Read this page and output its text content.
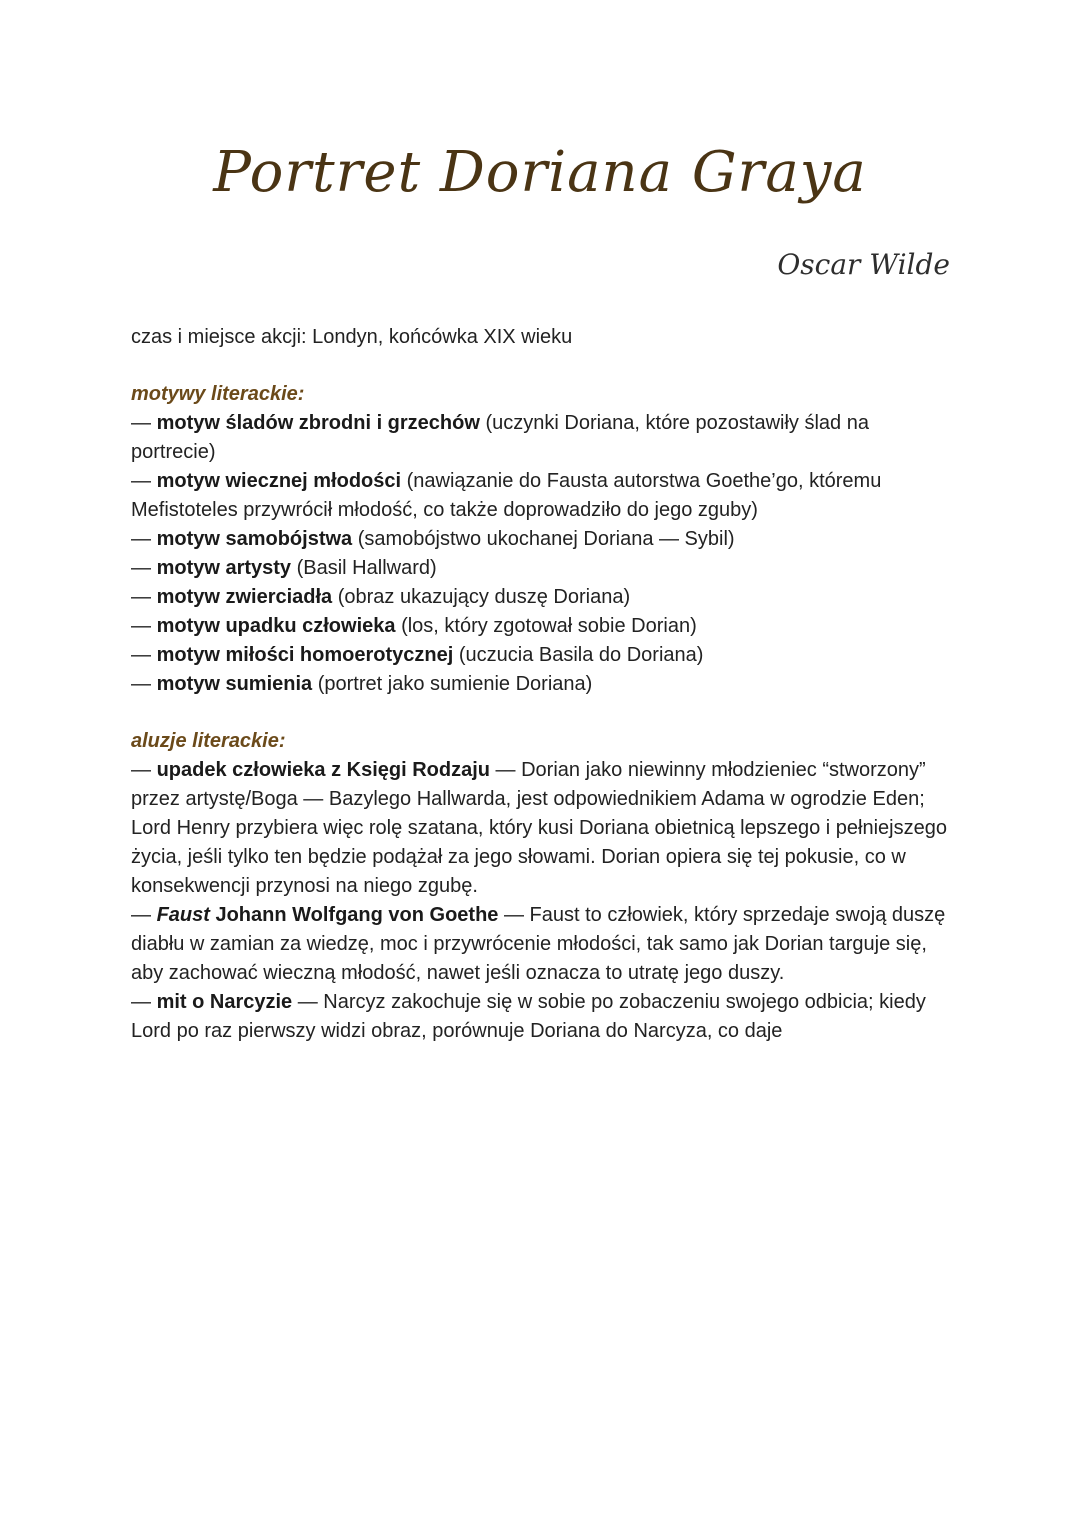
Portret Doriana Graya
Oscar Wilde

czas i miejsce akcji: Londyn, końcówka XIX wieku

motywy literackie:

— motyw śladów zbrodni i grzechów (uczynki Doriana, które pozostawiły ślad na portrecie)

— motyw wiecznej młodości (nawiązanie do Fausta autorstwa Goethe’go, któremu Mefistoteles przywrócił młodość, co także doprowadziło do jego zguby)

— motyw samobójstwa (samobójstwo ukochanej Doriana — Sybil)

— motyw artysty (Basil Hallward)

— motyw zwierciadła (obraz ukazujący duszę Doriana)

— motyw upadku człowieka (los, który zgotował sobie Dorian)

— motyw miłości homoerotycznej (uczucia Basila do Doriana)

— motyw sumienia (portret jako sumienie Doriana)

aluzje literackie:

— upadek człowieka z Księgi Rodzaju — Dorian jako niewinny młodzieniec “stworzony” przez artystę/Boga — Bazylego Hallwarda, jest odpowiednikiem Adama w ogrodzie Eden; Lord Henry przybiera więc rolę szatana, który kusi Doriana obietnicą lepszego i pełniejszego życia, jeśli tylko ten będzie podążał za jego słowami. Dorian opiera się tej pokusie, co w konsekwencji przynosi na niego zgubę.

— Faust Johann Wolfgang von Goethe — Faust to człowiek, który sprzedaje swoją duszę diabłu w zamian za wiedzę, moc i przywrócenie młodości, tak samo jak Dorian targuje się, aby zachować wieczną młodość, nawet jeśli oznacza to utratę jego duszy.

— mit o Narcyzie — Narcyz zakochuje się w sobie po zobaczeniu swojego odbicia; kiedy Lord po raz pierwszy widzi obraz, porównuje Doriana do Narcyza, co daje
